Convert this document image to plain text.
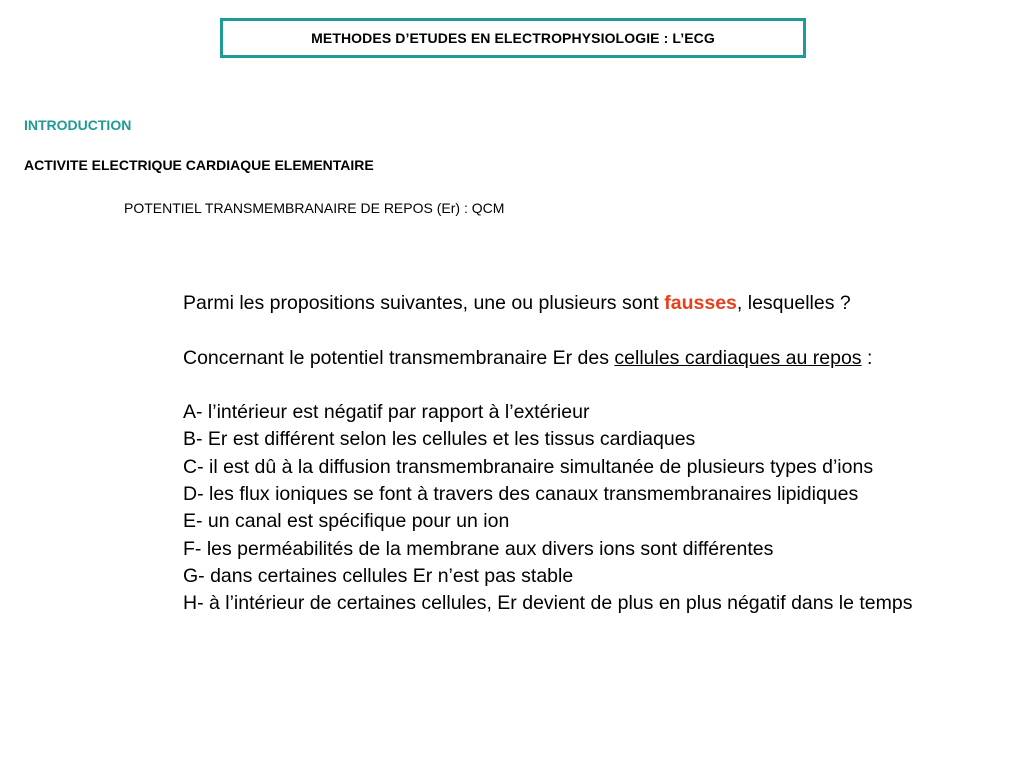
METHODES D’ETUDES EN ELECTROPHYSIOLOGIE : L’ECG
INTRODUCTION
ACTIVITE ELECTRIQUE CARDIAQUE ELEMENTAIRE
POTENTIEL TRANSMEMBRANAIRE DE REPOS (Er) : QCM

Parmi les propositions suivantes, une ou plusieurs sont fausses, lesquelles ?

Concernant le potentiel transmembranaire Er des cellules cardiaques au repos :

A- l’intérieur est négatif par rapport à l’extérieur
B- Er est différent selon les cellules et les tissus cardiaques
C- il est dû à la diffusion transmembranaire simultanée de plusieurs types d’ions
D- les flux ioniques se font à travers des canaux transmembranaires lipidiques
E- un canal est spécifique pour un ion
F- les perméabilités de la membrane aux divers ions sont différentes
G- dans certaines cellules Er n’est pas stable
H- à l’intérieur de certaines cellules, Er devient de plus en plus négatif dans le temps
